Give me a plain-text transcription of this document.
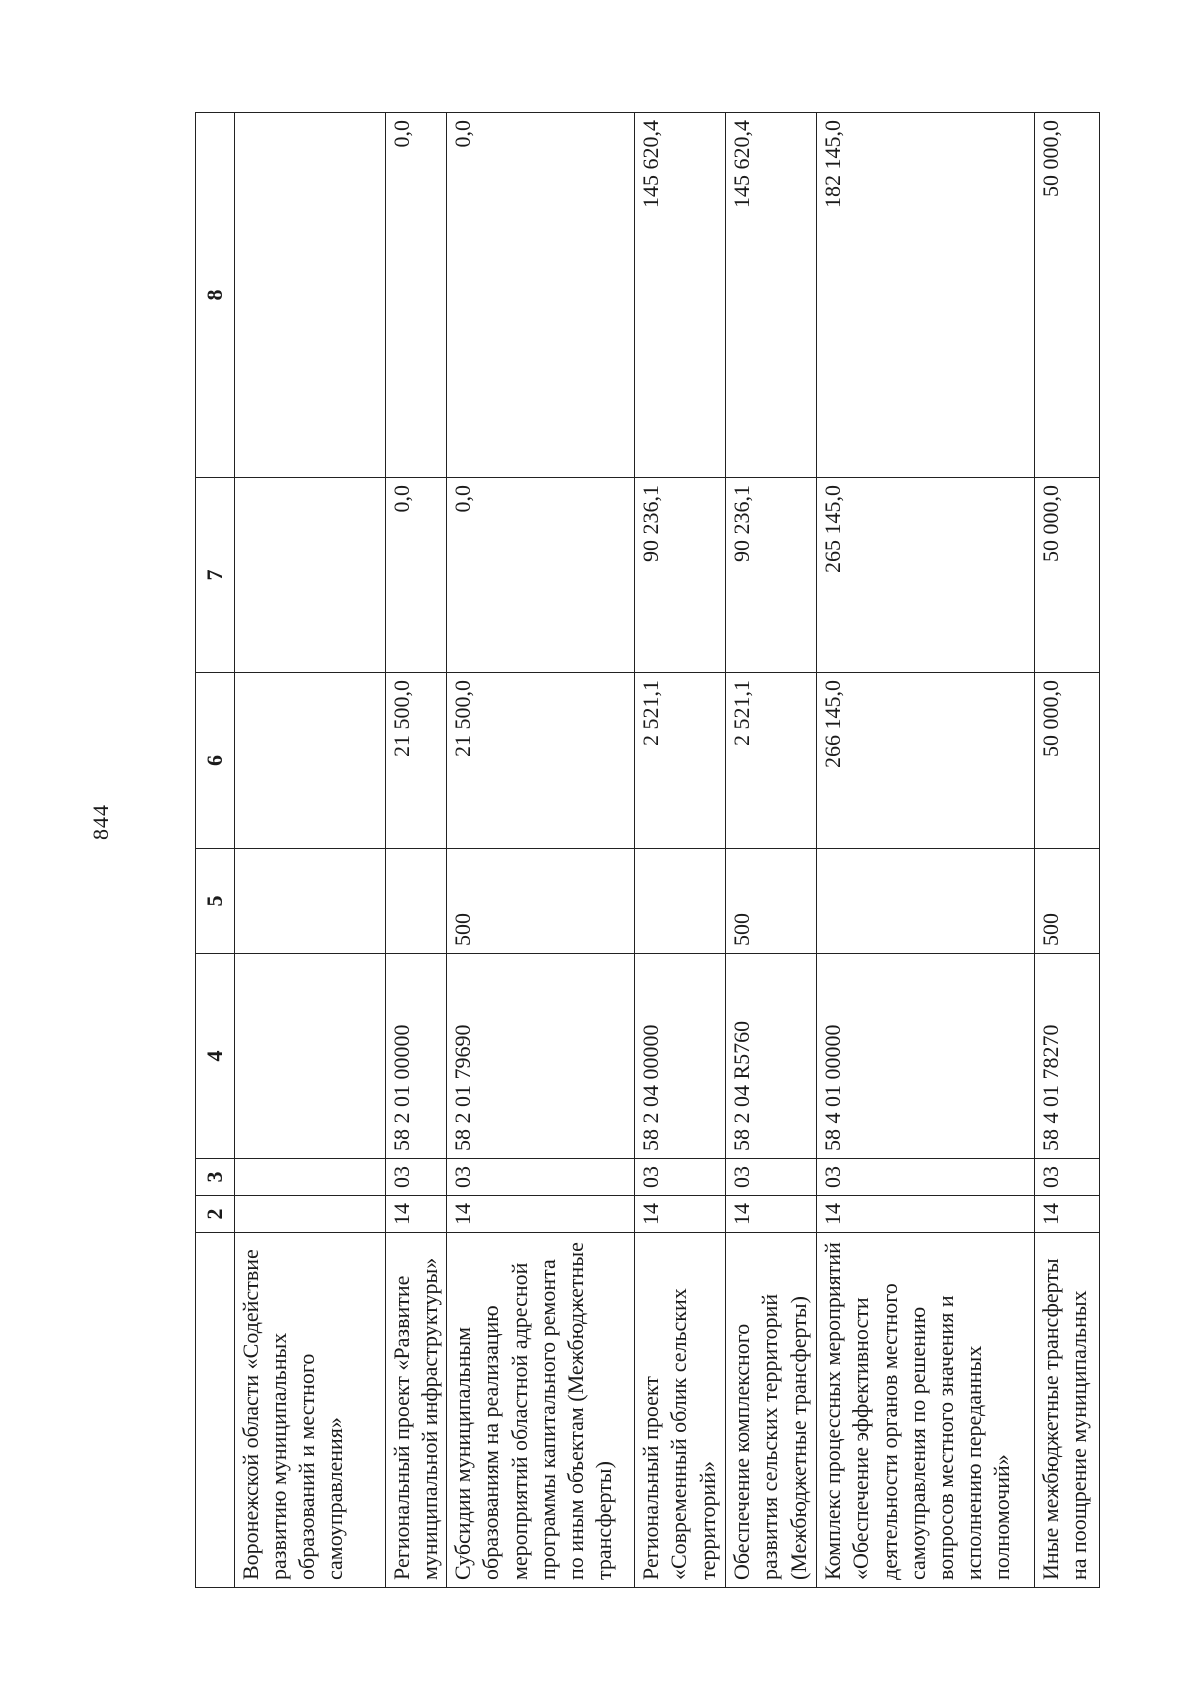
844
	2	3	4	5	6	7	8
Воронежской области «Содействие развитию муниципальных образований и местного самоуправления»							
Региональный проект «Развитие муниципальной инфраструктуры»	14	03	58 2 01 00000		21 500,0	0,0	0,0
Субсидии муниципальным образованиям на реализацию мероприятий областной адресной программы капитального ремонта по иным объектам (Межбюджетные трансферты)	14	03	58 2 01 79690	500	21 500,0	0,0	0,0
Региональный проект «Современный облик сельских территорий»	14	03	58 2 04 00000		2 521,1	90 236,1	145 620,4
Обеспечение комплексного развития сельских территорий (Межбюджетные трансферты)	14	03	58 2 04 R5760	500	2 521,1	90 236,1	145 620,4
Комплекс процессных мероприятий «Обеспечение эффективности деятельности органов местного самоуправления по решению вопросов местного значения и исполнению переданных полномочий»	14	03	58 4 01 00000		266 145,0	265 145,0	182 145,0
Иные межбюджетные трансферты на поощрение муниципальных	14	03	58 4 01 78270	500	50 000,0	50 000,0	50 000,0
